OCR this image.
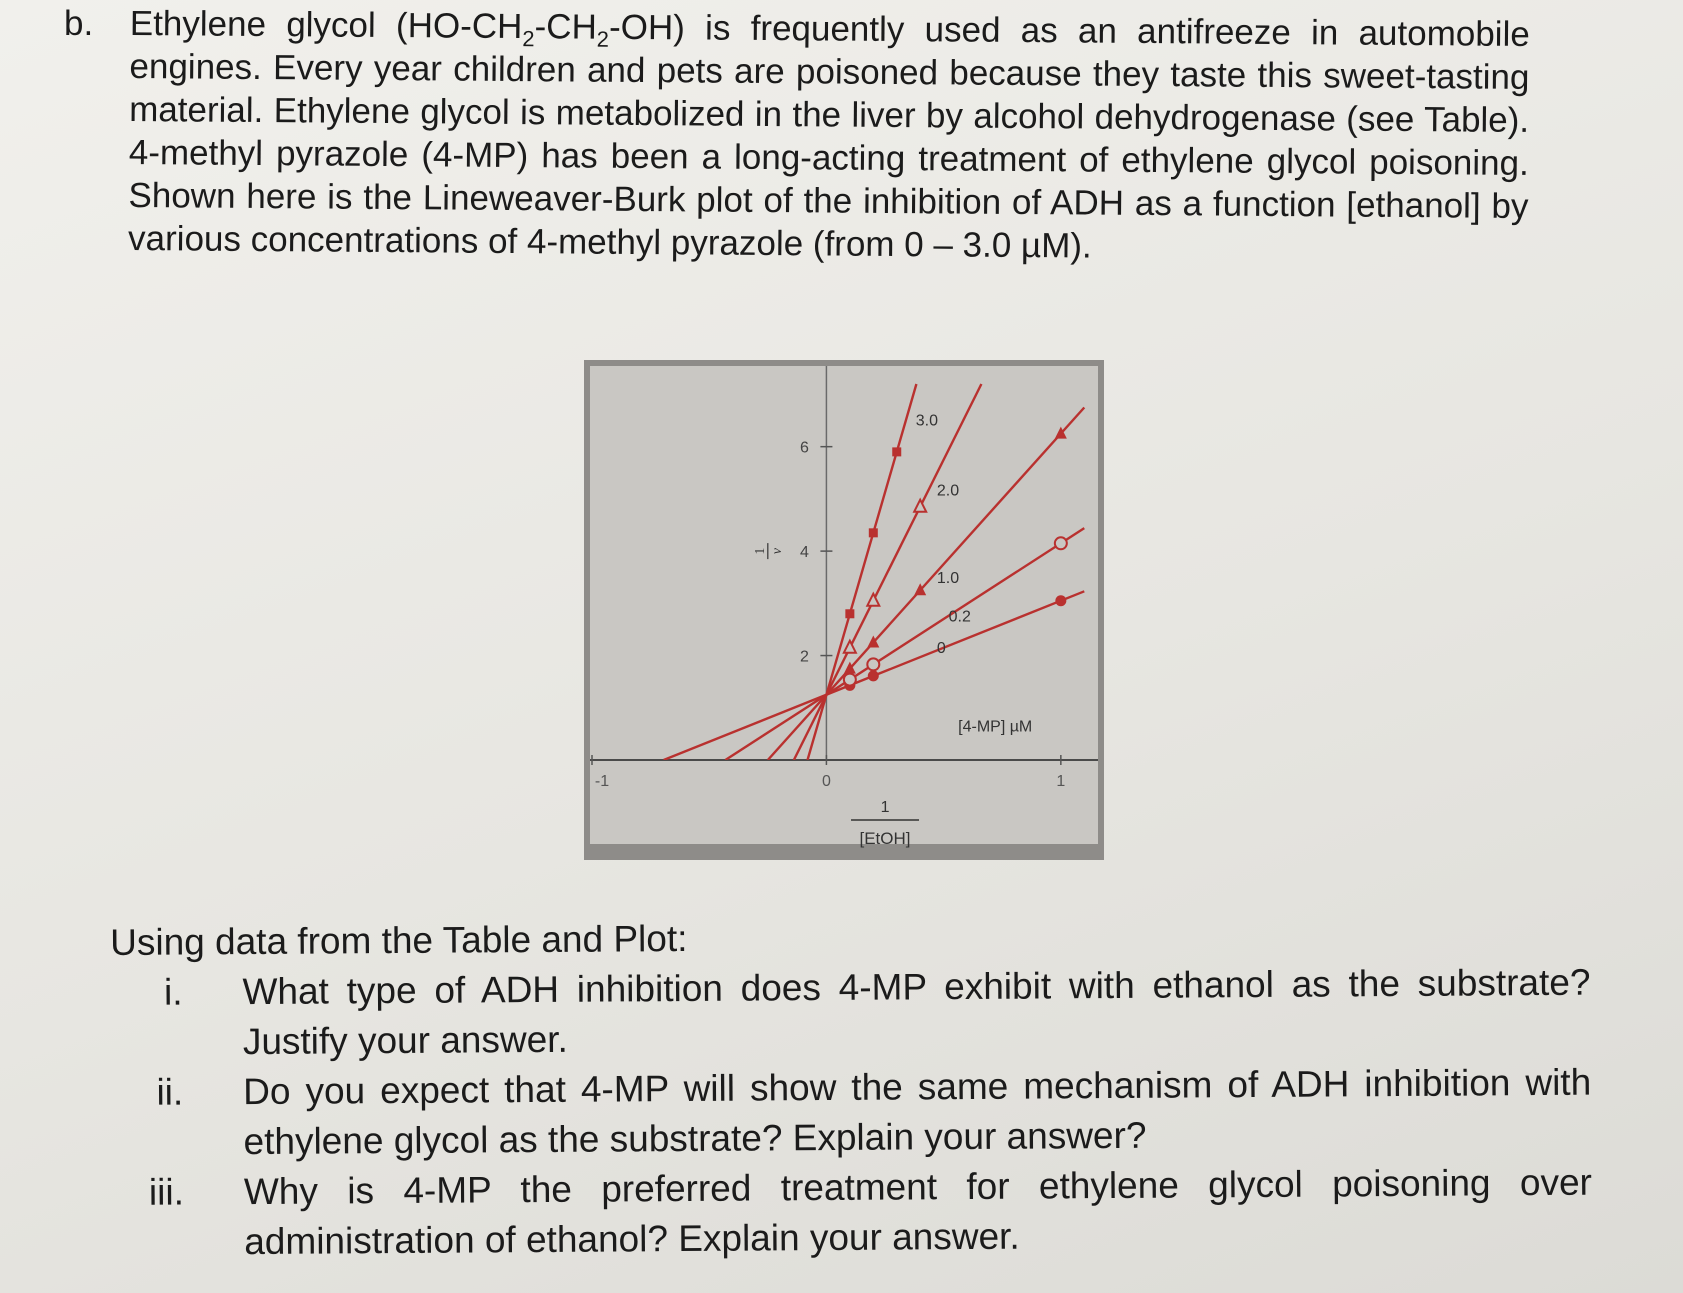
b. Ethylene glycol $(HO-CH_2-CH_2-OH)$ is frequently used as an antifreeze in automobile engines. Every year children and pets are poisoned because they taste this sweet-tasting material. Ethylene glycol is metabolized in the liver by alcohol dehydrogenase (see Table). 4-methyl pyrazole (4-MP) has been a long-acting treatment of ethylene glycol poisoning. Shown here is the Lineweaver-Burk plot of the inhibition of ADH as a function [ethanol] by various concentrations of 4-methyl pyrazole (from 0 – 3.0 µM).
2
4
6
-1	0	1
1 v
1
[EtOH]
[4-MP] µM
0
0.2
1.0
2.0
3.0
Using data from the Table and Plot:
i. What type of ADH inhibition does 4-MP exhibit with ethanol as the substrate? Justify your answer.
ii. Do you expect that 4-MP will show the same mechanism of ADH inhibition with ethylene glycol as the substrate? Explain your answer?
iii. Why is 4-MP the preferred treatment for ethylene glycol poisoning over administration of ethanol? Explain your answer.
